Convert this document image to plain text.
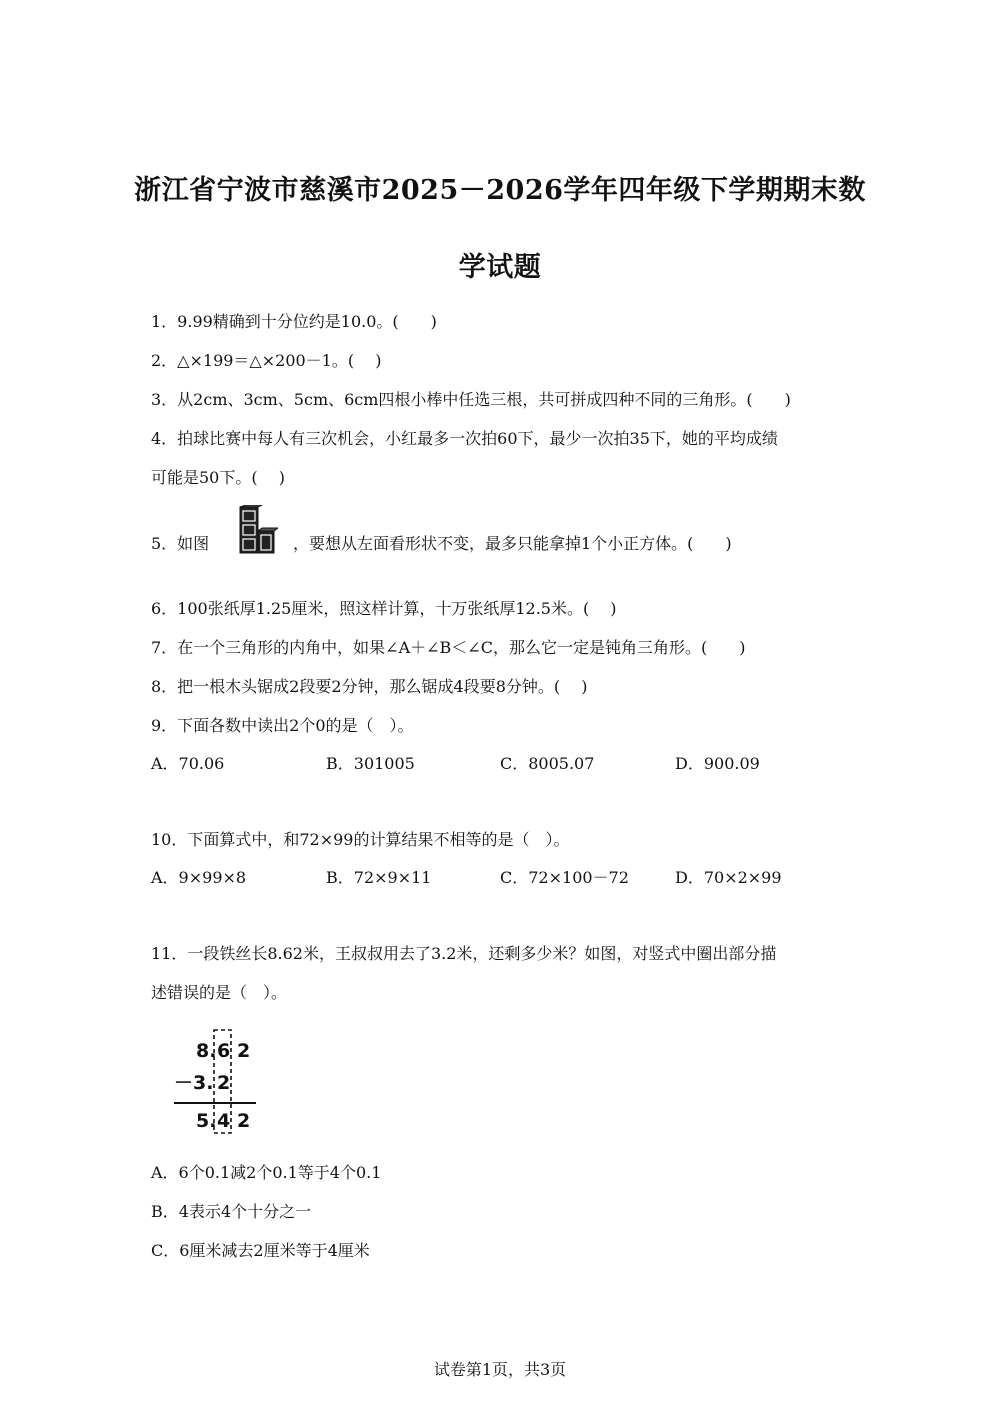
浙江省宁波市慈溪市2025－2026学年四年级下学期期末数
学试题
1．9.99精确到十分位约是10.0。(　　)
2．△×199＝△×200－1。(　 )
3．从2cm、3cm、5cm、6cm四根小棒中任选三根，共可拼成四种不同的三角形。(　　)
4．拍球比赛中每人有三次机会，小红最多一次拍60下，最少一次拍35下，她的平均成绩
可能是50下。(　 )
5．如图	，要想从左面看形状不变，最多只能拿掉1个小正方体。(　　)
6．100张纸厚1.25厘米，照这样计算，十万张纸厚12.5米。(　 )
7．在一个三角形的内角中，如果∠A＋∠B＜∠C，那么它一定是钝角三角形。(　　)
8．把一根木头锯成2段要2分钟，那么锯成4段要8分钟。(　 )
9．下面各数中读出2个0的是（　）。
A．70.06	B．301005	C．8005.07	D．900.09
10．下面算式中，和72×99的计算结果不相等的是（　）。
A．9×99×8	B．72×9×11	C．72×100－72	D．70×2×99
11．一段铁丝长8.62米，王叔叔用去了3.2米，还剩多少米？如图，对竖式中圈出部分描
述错误的是（　）。
8. 6 2
－3. 2
5. 4 2
A．6个0.1减2个0.1等于4个0.1
B．4表示4个十分之一
C．6厘米减去2厘米等于4厘米
试卷第1页，共3页
